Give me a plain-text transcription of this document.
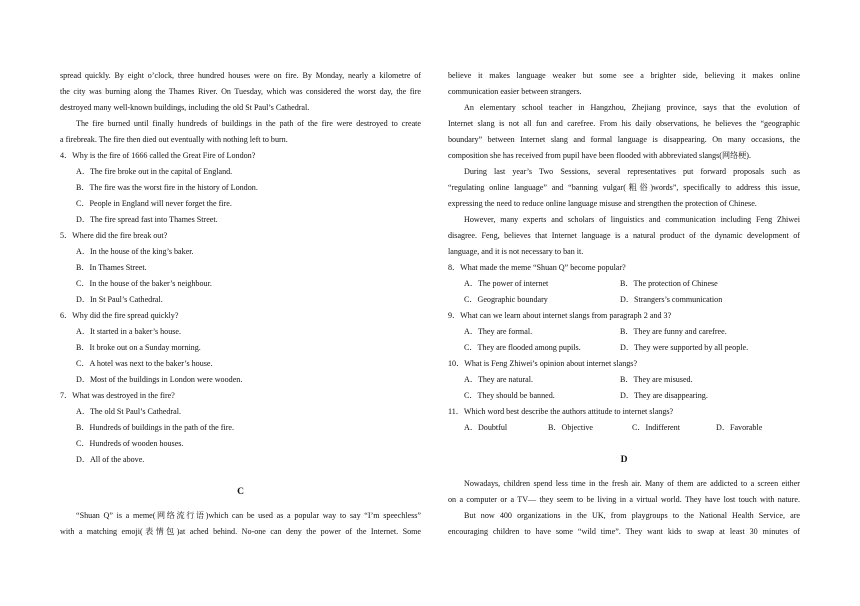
spread quickly. By eight o’clock, three hundred houses were on fire. By Monday, nearly a kilometre of
the city was burning along the Thames River. On Tuesday, which was considered the worst day, the fire
destroyed many well-known buildings, including the old St Paul’s Cathedral.
The fire burned until finally hundreds of buildings in the path of the fire were destroyed to create
a firebreak. The fire then died out eventually with nothing left to burn.
4．Why is the fire of 1666 called the Great Fire of London?
A．The fire broke out in the capital of England.
B．The fire was the worst fire in the history of London.
C．People in England will never forget the fire.
D．The fire spread fast into Thames Street.
5．Where did the fire break out?
A．In the house of the king’s baker.
B．In Thames Street.
C．In the house of the baker’s neighbour.
D．In St Paul’s Cathedral.
6．Why did the fire spread quickly?
A．It started in a baker’s house.
B．It broke out on a Sunday morning.
C．A hotel was next to the baker’s house.
D．Most of the buildings in London were wooden.
7．What was destroyed in the fire?
A．The old St Paul’s Cathedral.
B．Hundreds of buildings in the path of the fire.
C．Hundreds of wooden houses.
D．All of the above.
C
“Shuan Q” is a meme(网络流行语)which can be used as a popular way to say “I’m speechless”
with a matching emoji(表情包)at ached behind. No-one can deny the power of the Internet. Some
believe it makes language weaker but some see a brighter side, believing it makes online
communication easier between strangers.
An elementary school teacher in Hangzhou, Zhejiang province, says that the evolution of
Internet slang is not all fun and carefree. From his daily observations, he believes the “geographic
boundary” between Internet slang and formal language is disappearing. On many occasions, the
composition she has received from pupil have been flooded with abbreviated slangs(网络梗).
During last year’s Two Sessions, several representatives put forward proposals such as
“regulating online language” and “banning vulgar(粗俗)words”, specifically to address this issue,
expressing the need to reduce online language misuse and strengthen the protection of Chinese.
However, many experts and scholars of linguistics and communication including Feng Zhiwei
disagree. Feng, believes that Internet language is a natural product of the dynamic development of
language, and it is not necessary to ban it.
8．What made the meme “Shuan Q” become popular?
A．The power of internet	B．The protection of Chinese
C．Geographic boundary	D．Strangers’s communication
9．What can we learn about internet slangs from paragraph 2 and 3?
A．They are formal.	B．They are funny and carefree.
C．They are flooded among pupils.	D．They were supported by all people.
10．What is Feng Zhiwei’s opinion about internet slangs?
A．They are natural.	B．They are misused.
C．They should be banned.	D．They are disappearing.
11．Which word best describe the authors attitude to internet slangs?
A．Doubtful	B．Objective	C．Indifferent	D．Favorable
D
Nowadays, children spend less time in the fresh air. Many of them are addicted to a screen either
on a computer or a TV— they seem to be living in a virtual world. They have lost touch with nature.
But now 400 organizations in the UK, from playgroups to the National Health Service, are
encouraging children to have some “wild time”. They want kids to swap at least 30 minutes of
